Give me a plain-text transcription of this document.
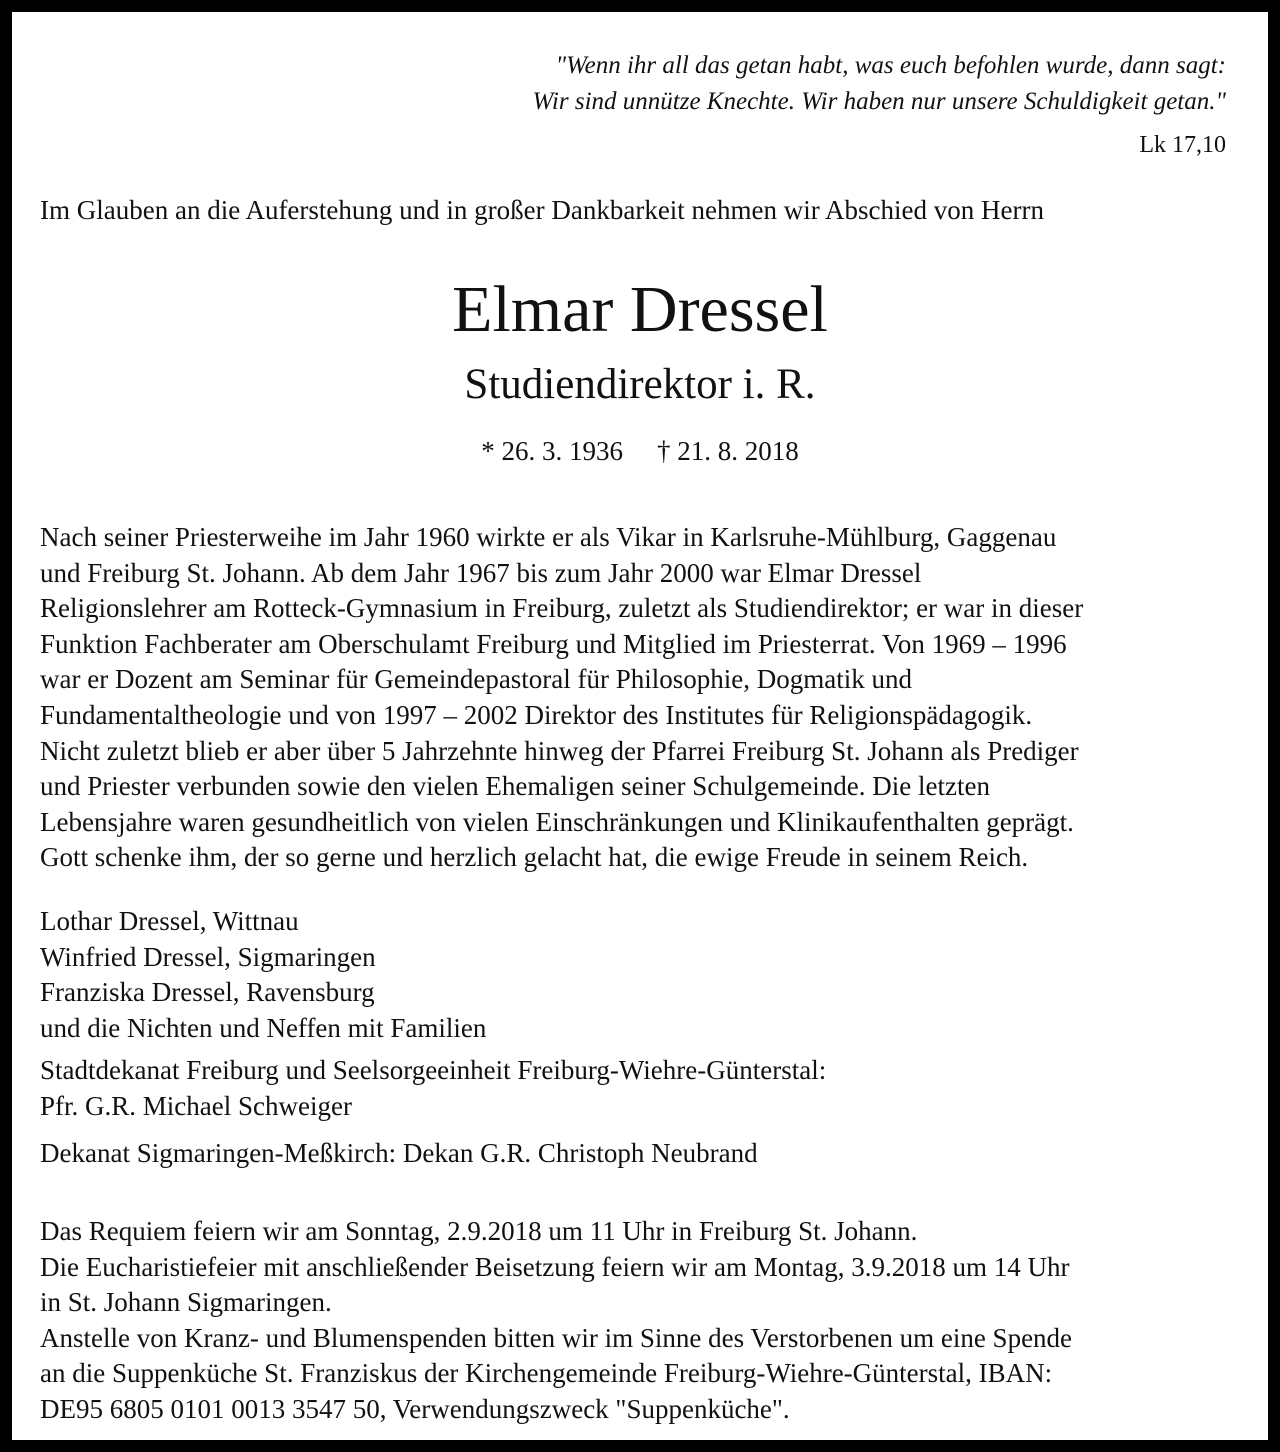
"Wenn ihr all das getan habt, was euch befohlen wurde, dann sagt:
Wir sind unnütze Knechte. Wir haben nur unsere Schuldigkeit getan."
Lk 17,10
Im Glauben an die Auferstehung und in großer Dankbarkeit nehmen wir Abschied von Herrn
Elmar Dressel
Studiendirektor i. R.
* 26. 3. 1936 † 21. 8. 2018
Nach seiner Priesterweihe im Jahr 1960 wirkte er als Vikar in Karlsruhe-Mühlburg, Gaggenau
und Freiburg St. Johann. Ab dem Jahr 1967 bis zum Jahr 2000 war Elmar Dressel
Religionslehrer am Rotteck-Gymnasium in Freiburg, zuletzt als Studiendirektor; er war in dieser
Funktion Fachberater am Oberschulamt Freiburg und Mitglied im Priesterrat. Von 1969 – 1996
war er Dozent am Seminar für Gemeindepastoral für Philosophie, Dogmatik und
Fundamentaltheologie und von 1997 – 2002 Direktor des Institutes für Religionspädagogik.
Nicht zuletzt blieb er aber über 5 Jahrzehnte hinweg der Pfarrei Freiburg St. Johann als Prediger
und Priester verbunden sowie den vielen Ehemaligen seiner Schulgemeinde. Die letzten
Lebensjahre waren gesundheitlich von vielen Einschränkungen und Klinikaufenthalten geprägt.
Gott schenke ihm, der so gerne und herzlich gelacht hat, die ewige Freude in seinem Reich.
Lothar Dressel, Wittnau
Winfried Dressel, Sigmaringen
Franziska Dressel, Ravensburg
und die Nichten und Neffen mit Familien
Stadtdekanat Freiburg und Seelsorgeeinheit Freiburg-Wiehre-Günterstal:
Pfr. G.R. Michael Schweiger
Dekanat Sigmaringen-Meßkirch: Dekan G.R. Christoph Neubrand
Das Requiem feiern wir am Sonntag, 2.9.2018 um 11 Uhr in Freiburg St. Johann.
Die Eucharistiefeier mit anschließender Beisetzung feiern wir am Montag, 3.9.2018 um 14 Uhr
in St. Johann Sigmaringen.
Anstelle von Kranz- und Blumenspenden bitten wir im Sinne des Verstorbenen um eine Spende
an die Suppenküche St. Franziskus der Kirchengemeinde Freiburg-Wiehre-Günterstal, IBAN:
DE95 6805 0101 0013 3547 50, Verwendungszweck "Suppenküche".
